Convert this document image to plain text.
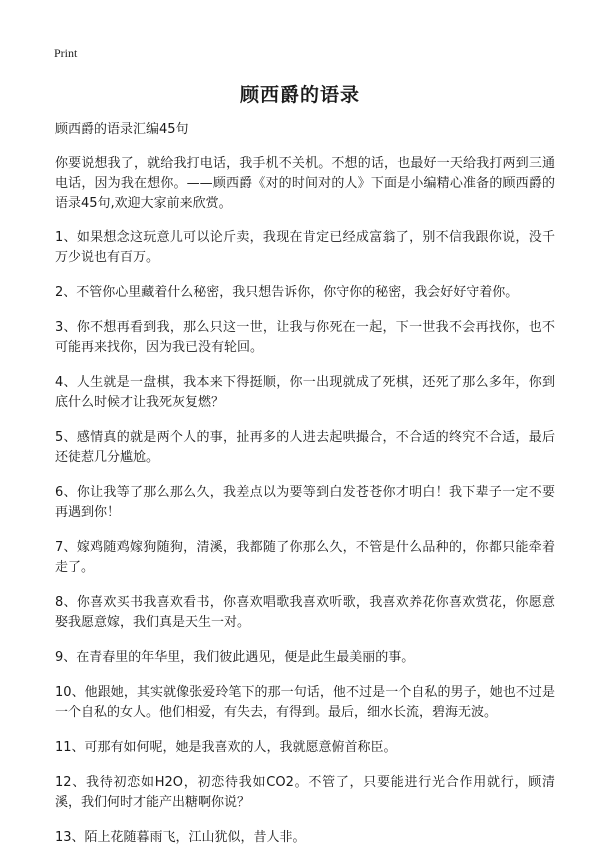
Print
顾西爵的语录

顾西爵的语录汇编45句

你要说想我了，就给我打电话，我手机不关机。不想的话，也最好一天给我打两到三通电话，因为我在想你。——顾西爵《对的时间对的人》下面是小编精心准备的顾西爵的语录45句,欢迎大家前来欣赏。

1、如果想念这玩意儿可以论斤卖，我现在肯定已经成富翁了，别不信我跟你说，没千万少说也有百万。

2、不管你心里藏着什么秘密，我只想告诉你，你守你的秘密，我会好好守着你。

3、你不想再看到我，那么只这一世，让我与你死在一起，下一世我不会再找你，也不可能再来找你，因为我已没有轮回。

4、人生就是一盘棋，我本来下得挺顺，你一出现就成了死棋，还死了那么多年，你到底什么时候才让我死灰复燃？

5、感情真的就是两个人的事，扯再多的人进去起哄撮合，不合适的终究不合适，最后还徒惹几分尴尬。

6、你让我等了那么那么久，我差点以为要等到白发苍苍你才明白！我下辈子一定不要再遇到你！

7、嫁鸡随鸡嫁狗随狗，清溪，我都随了你那么久，不管是什么品种的，你都只能牵着走了。

8、你喜欢买书我喜欢看书，你喜欢唱歌我喜欢听歌，我喜欢养花你喜欢赏花，你愿意娶我愿意嫁，我们真是天生一对。

9、在青春里的年华里，我们彼此遇见，便是此生最美丽的事。

10、他跟她，其实就像张爱玲笔下的那一句话，他不过是一个自私的男子，她也不过是一个自私的女人。他们相爱，有失去，有得到。最后，细水长流，碧海无波。

11、可那有如何呢，她是我喜欢的人，我就愿意俯首称臣。

12、我待初恋如H2O，初恋待我如CO2。不管了，只要能进行光合作用就行，顾清溪，我们何时才能产出糖啊你说？

13、陌上花随暮雨飞，江山犹似，昔人非。
